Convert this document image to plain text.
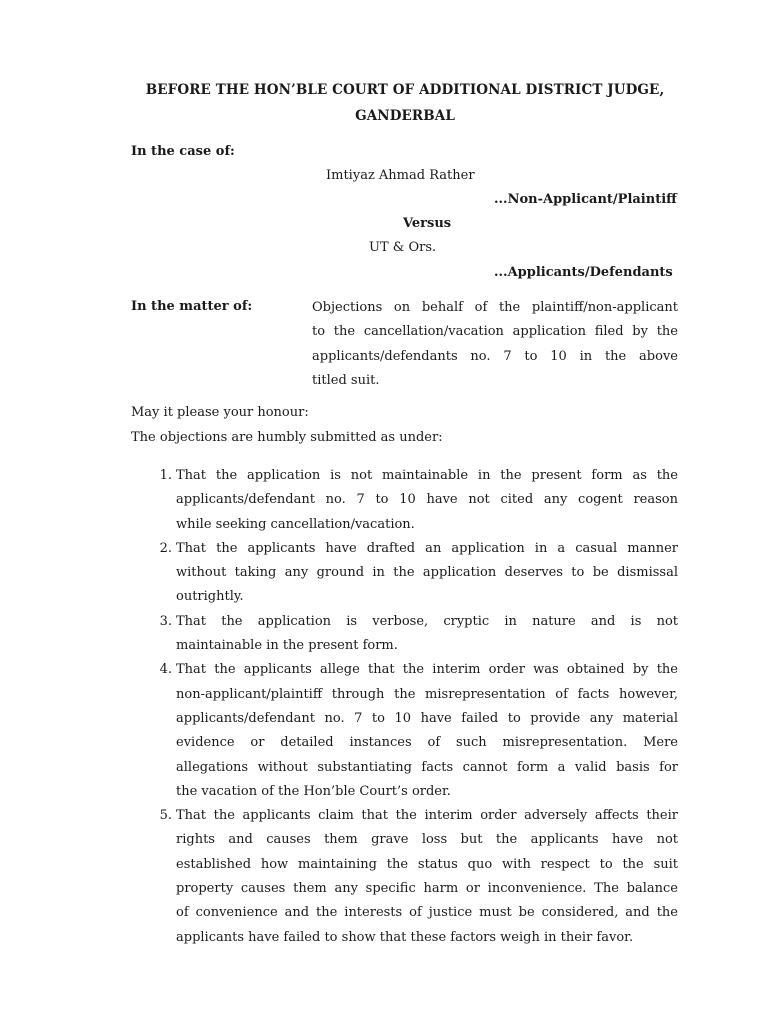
BEFORE THE HON’BLE COURT OF ADDITIONAL DISTRICT JUDGE,
GANDERBAL
In the case of:
Imtiyaz Ahmad Rather
...Non-Applicant/Plaintiff
Versus
UT & Ors.
...Applicants/Defendants
In the matter of:	Objections on behalf of the plaintiff/non-applicant
to the cancellation/vacation application filed by the
applicants/defendants no. 7 to 10 in the above
titled suit.
May it please your honour:
The objections are humbly submitted as under:
1. That the application is not maintainable in the present form as the
applicants/defendant no. 7 to 10 have not cited any cogent reason
while seeking cancellation/vacation.
2. That the applicants have drafted an application in a casual manner
without taking any ground in the application deserves to be dismissal
outrightly.
3. That the application is verbose, cryptic in nature and is not
maintainable in the present form.
4. That the applicants allege that the interim order was obtained by the
non-applicant/plaintiff through the misrepresentation of facts however,
applicants/defendant no. 7 to 10 have failed to provide any material
evidence or detailed instances of such misrepresentation. Mere
allegations without substantiating facts cannot form a valid basis for
the vacation of the Hon’ble Court’s order.
5. That the applicants claim that the interim order adversely affects their
rights and causes them grave loss but the applicants have not
established how maintaining the status quo with respect to the suit
property causes them any specific harm or inconvenience. The balance
of convenience and the interests of justice must be considered, and the
applicants have failed to show that these factors weigh in their favor.
